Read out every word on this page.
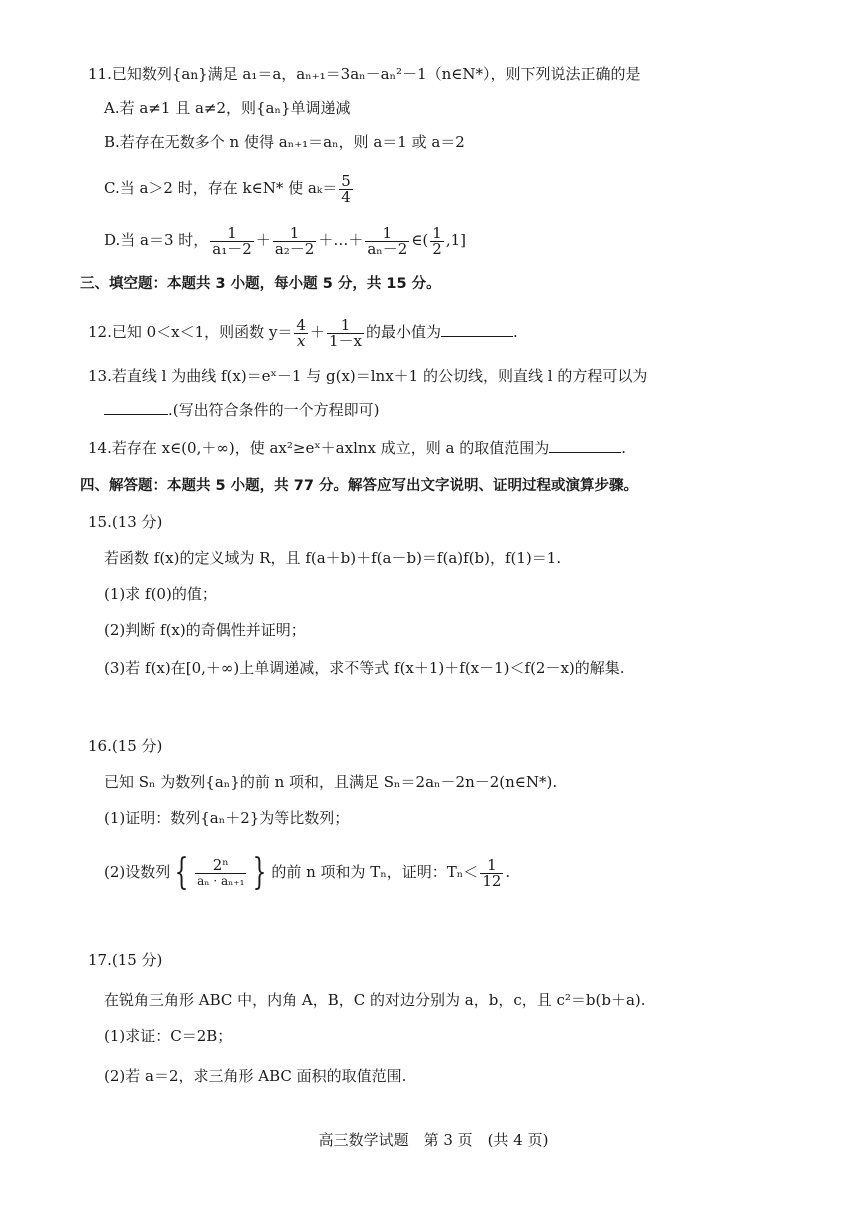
11.已知数列{an}满足 a₁＝a，aₙ₊₁＝3aₙ－aₙ²－1（n∈N*），则下列说法正确的是
A.若 a≠1 且 a≠2，则{aₙ}单调递减
B.若存在无数多个 n 使得 aₙ₊₁＝aₙ，则 a＝1 或 a＝2
C.当 a＞2 时，存在 k∈N* 使 $a_k= \frac{5}{4}$
D.当 a＝3 时， $\frac{1}{\text{a₁－2}} + \frac{1}{\text{a₂－2}}$ ＋…＋ $\frac{1}{\text{aₙ－2}}$ ∈( $\frac{1}{2} ,1$]
三、填空题：本题共 3 小题，每小题 5 分，共 15 分。
12.已知 0＜x＜1，则函数 $y= \frac{4}{x} + \frac{1}{1-x}$ 的最小值为	.
13.若直线 l 为曲线 f(x)＝eˣ－1 与 g(x)＝lnx＋1 的公切线，则直线 l 的方程可以为
.(写出符合条件的一个方程即可)
14.若存在 x∈(0,＋∞)，使 ax²≥eˣ＋axlnx 成立，则 a 的取值范围为	.
四、解答题：本题共 5 小题，共 77 分。解答应写出文字说明、证明过程或演算步骤。
15.(13 分)
若函数 f(x)的定义域为 R，且 f(a＋b)＋f(a－b)＝f(a)f(b)，f(1)＝1.
(1)求 f(0)的值；
(2)判断 f(x)的奇偶性并证明；
(3)若 f(x)在[0,＋∞)上单调递减，求不等式 f(x＋1)＋f(x－1)＜f(2－x)的解集.
16.(15 分)
已知 Sₙ 为数列{aₙ}的前 n 项和，且满足 Sₙ＝2aₙ－2n－2(n∈N*).
(1)证明：数列{aₙ＋2}为等比数列；
(2)设数列 { $\frac{\text{2ⁿ}}{\text{aₙ · aₙ₊₁}}$ } 的前 n 项和为 Tₙ，证明：$T_n< \frac{1}{12}$ .
17.(15 分)
在锐角三角形 ABC 中，内角 A，B，C 的对边分别为 a，b，c，且 c²＝b(b＋a).
(1)求证：C＝2B；
(2)若 a＝2，求三角形 ABC 面积的取值范围.
高三数学试题　第 3 页　(共 4 页)
